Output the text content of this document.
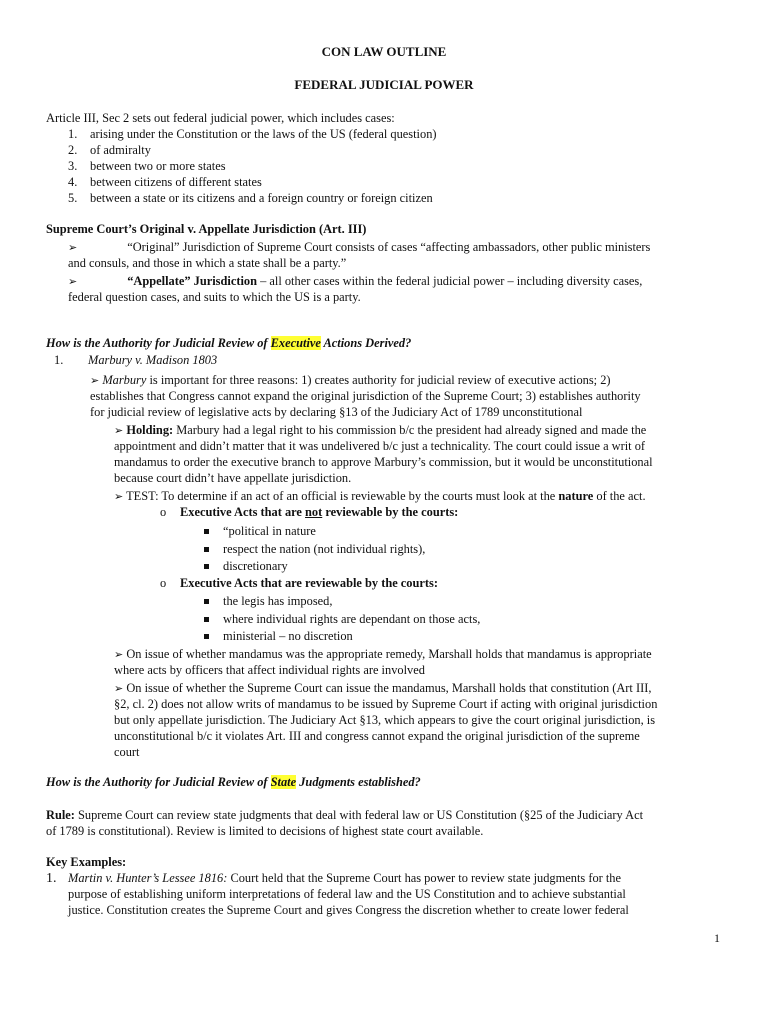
CON LAW OUTLINE
FEDERAL JUDICIAL POWER
Article III, Sec 2 sets out federal judicial power, which includes cases:
1. arising under the Constitution or the laws of the US (federal question)
2. of admiralty
3. between two or more states
4. between citizens of different states
5. between a state or its citizens and a foreign country or foreign citizen
Supreme Court’s Original v. Appellate Jurisdiction (Art. III)
➢	“Original” Jurisdiction of Supreme Court consists of cases “affecting ambassadors, other public ministers
and consuls, and those in which a state shall be a party.”
➢	“Appellate” Jurisdiction – all other cases within the federal judicial power – including diversity cases,
federal question cases, and suits to which the US is a party.
How is the Authority for Judicial Review of Executive Actions Derived?
1. Marbury v. Madison 1803
➢ Marbury is important for three reasons: 1) creates authority for judicial review of executive actions; 2)
establishes that Congress cannot expand the original jurisdiction of the Supreme Court; 3) establishes authority
for judicial review of legislative acts by declaring §13 of the Judiciary Act of 1789 unconstitutional
➢ Holding: Marbury had a legal right to his commission b/c the president had already signed and made the
appointment and didn’t matter that it was undelivered b/c just a technicality. The court could issue a writ of
mandamus to order the executive branch to approve Marbury’s commission, but it would be unconstitutional
because court didn’t have appellate jurisdiction.
➢ TEST: To determine if an act of an official is reviewable by the courts must look at the nature of the act.
o Executive Acts that are not reviewable by the courts:
“political in nature
respect the nation (not individual rights),
discretionary
o Executive Acts that are reviewable by the courts:
the legis has imposed,
where individual rights are dependant on those acts,
ministerial – no discretion
➢ On issue of whether mandamus was the appropriate remedy, Marshall holds that mandamus is appropriate
where acts by officers that affect individual rights are involved
➢ On issue of whether the Supreme Court can issue the mandamus, Marshall holds that constitution (Art III,
§2, cl. 2) does not allow writs of mandamus to be issued by Supreme Court if acting with original jurisdiction
but only appellate jurisdiction. The Judiciary Act §13, which appears to give the court original jurisdiction, is
unconstitutional b/c it violates Art. III and congress cannot expand the original jurisdiction of the supreme
court
How is the Authority for Judicial Review of State Judgments established?
Rule: Supreme Court can review state judgments that deal with federal law or US Constitution (§25 of the Judiciary Act
of 1789 is constitutional). Review is limited to decisions of highest state court available.
Key Examples:
1. Martin v. Hunter’s Lessee 1816: Court held that the Supreme Court has power to review state judgments for the
purpose of establishing uniform interpretations of federal law and the US Constitution and to achieve substantial
justice. Constitution creates the Supreme Court and gives Congress the discretion whether to create lower federal
1
